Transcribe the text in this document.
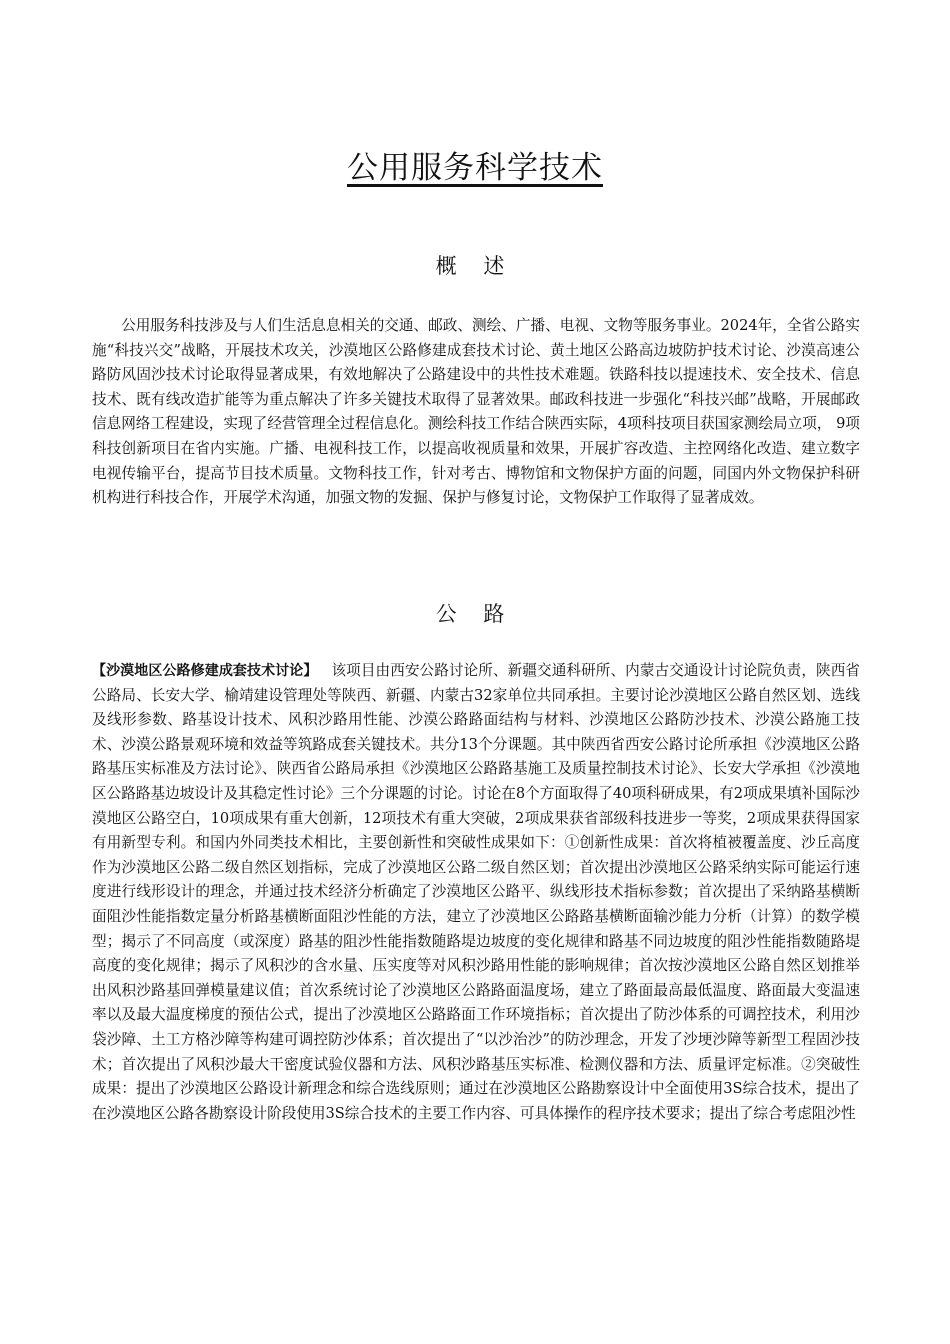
公用服务科学技术
概 述

公用服务科技涉及与人们生活息息相关的交通、邮政、测绘、广播、电视、文物等服务事业。2024年，全省公路实施“科技兴交”战略，开展技术攻关，沙漠地区公路修建成套技术讨论、黄土地区公路高边坡防护技术讨论、沙漠高速公路防风固沙技术讨论取得显著成果，有效地解决了公路建设中的共性技术难题。铁路科技以提速技术、安全技术、信息技术、既有线改造扩能等为重点解决了许多关键技术取得了显著效果。邮政科技进一步强化“科技兴邮”战略，开展邮政信息网络工程建设，实现了经营管理全过程信息化。测绘科技工作结合陕西实际，4项科技项目获国家测绘局立项， 9项科技创新项目在省内实施。广播、电视科技工作，以提高收视质量和效果，开展扩容改造、主控网络化改造、建立数字电视传输平台，提高节目技术质量。文物科技工作，针对考古、博物馆和文物保护方面的问题，同国内外文物保护科研机构进行科技合作，开展学术沟通，加强文物的发掘、保护与修复讨论，文物保护工作取得了显著成效。

公 路

【沙漠地区公路修建成套技术讨论】 该项目由西安公路讨论所、新疆交通科研所、内蒙古交通设计讨论院负责，陕西省公路局、长安大学、榆靖建设管理处等陕西、新疆、内蒙古32家单位共同承担。主要讨论沙漠地区公路自然区划、选线及线形参数、路基设计技术、风积沙路用性能、沙漠公路路面结构与材料、沙漠地区公路防沙技术、沙漠公路施工技术、沙漠公路景观环境和效益等筑路成套关键技术。共分13个分课题。其中陕西省西安公路讨论所承担《沙漠地区公路路基压实标准及方法讨论》、陕西省公路局承担《沙漠地区公路路基施工及质量控制技术讨论》、长安大学承担《沙漠地区公路路基边坡设计及其稳定性讨论》三个分课题的讨论。讨论在8个方面取得了40项科研成果，有2项成果填补国际沙漠地区公路空白，10项成果有重大创新，12项技术有重大突破，2项成果获省部级科技进步一等奖，2项成果获得国家有用新型专利。和国内外同类技术相比，主要创新性和突破性成果如下：①创新性成果：首次将植被覆盖度、沙丘高度作为沙漠地区公路二级自然区划指标，完成了沙漠地区公路二级自然区划；首次提出沙漠地区公路采纳实际可能运行速度进行线形设计的理念，并通过技术经济分析确定了沙漠地区公路平、纵线形技术指标参数；首次提出了采纳路基横断面阻沙性能指数定量分析路基横断面阻沙性能的方法，建立了沙漠地区公路路基横断面输沙能力分析（计算）的数学模型；揭示了不同高度（或深度）路基的阻沙性能指数随路堤边坡度的变化规律和路基不同边坡度的阻沙性能指数随路堤高度的变化规律；揭示了风积沙的含水量、压实度等对风积沙路用性能的影响规律；首次按沙漠地区公路自然区划推举出风积沙路基回弹模量建议值；首次系统讨论了沙漠地区公路路面温度场，建立了路面最高最低温度、路面最大变温速率以及最大温度梯度的预估公式，提出了沙漠地区公路路面工作环境指标；首次提出了防沙体系的可调控技术，利用沙袋沙障、土工方格沙障等构建可调控防沙体系；首次提出了“以沙治沙”的防沙理念，开发了沙埂沙障等新型工程固沙技术；首次提出了风积沙最大干密度试验仪器和方法、风积沙路基压实标准、检测仪器和方法、质量评定标准。②突破性成果：提出了沙漠地区公路设计新理念和综合选线原则；通过在沙漠地区公路勘察设计中全面使用3S综合技术，提出了在沙漠地区公路各勘察设计阶段使用3S综合技术的主要工作内容、可具体操作的程序技术要求；提出了综合考虑阻沙性
